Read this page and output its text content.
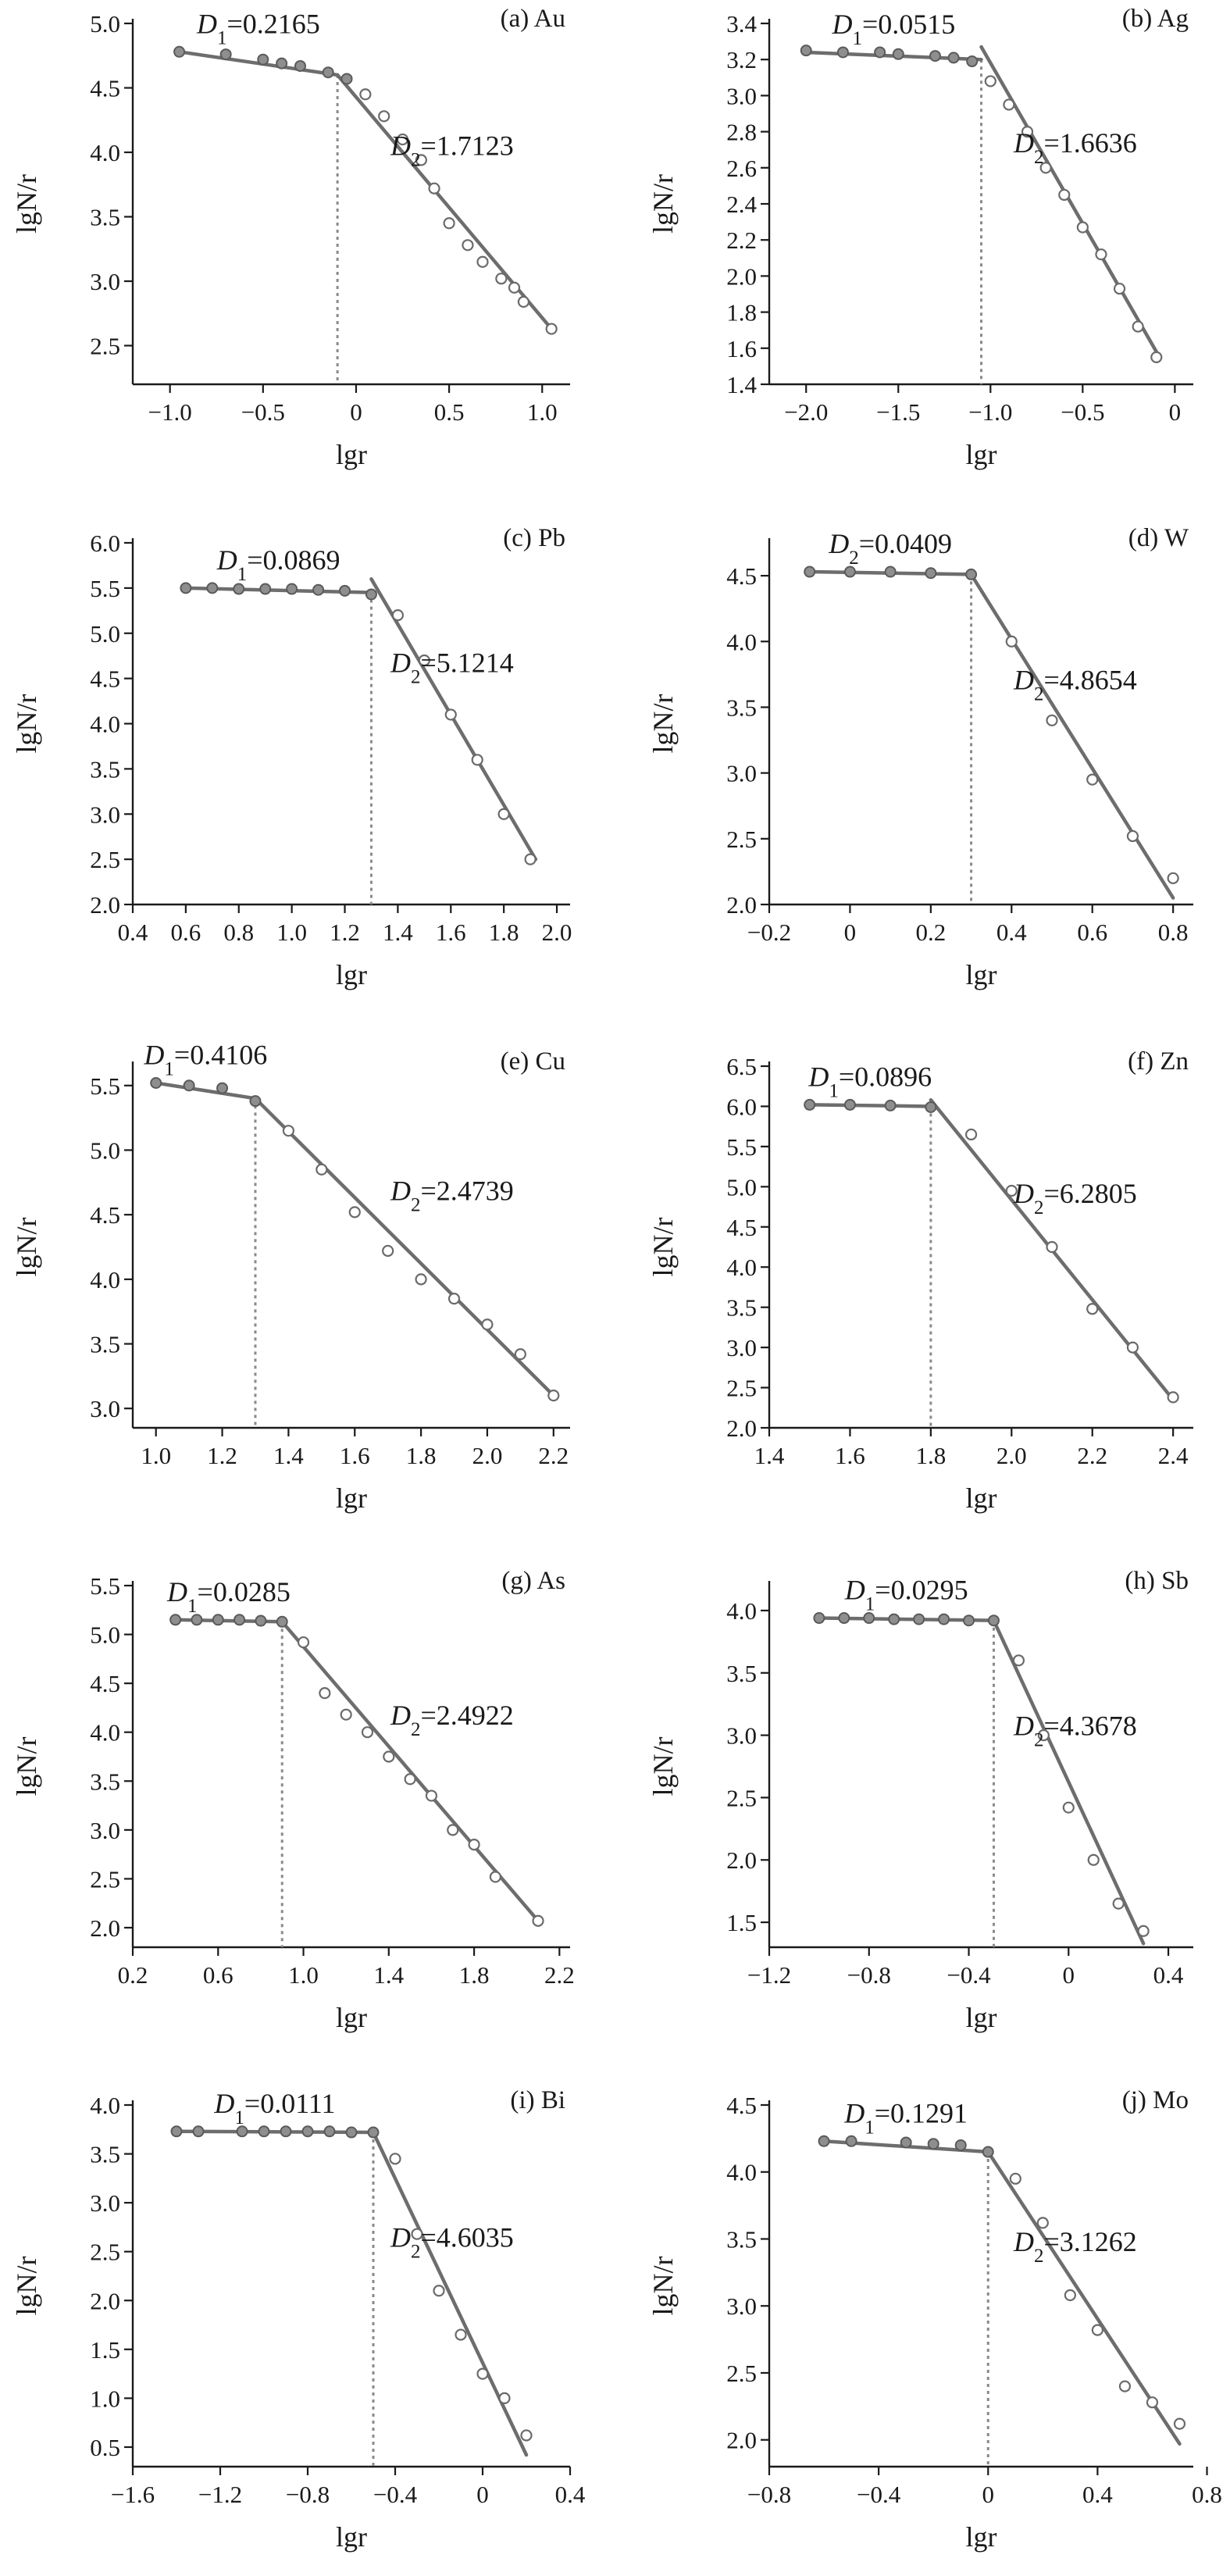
−1.0 −0.5	0	0.5	1.0
2.5
3.0
3.5
4.0
4.5
5.0
lgr
lgN/r
(a) Au
$D_1=0.2165$
$D_2=1.7123$
−2.0 −1.5 −1.0 −0.5	0
1.4
1.6
1.8
2.0
2.2
2.4
2.6
2.8
3.0
3.2
3.4
lgr
lgN/r
(b) Ag
$D_1=0.0515$
$D_2=1.6636$
0.4 0.6 0.8 1.0 1.2 1.4 1.6 1.8 2.0
2.0
2.5
3.0
3.5
4.0
4.5
5.0
5.5
6.0
lgr
lgN/r
(c) Pb
$D_1=0.0869$
$D_2=5.1214$
−0.2 0 0.2 0.4 0.6 0.8
2.0
2.5
3.0
3.5
4.0
4.5
lgr
lgN/r
(d) W
$D_2=0.0409$
$D_2=4.8654$
1.0 1.2 1.4 1.6 1.8 2.0 2.2
3.0
3.5
4.0
4.5
5.0
5.5
lgr
lgN/r
(e) Cu
$D_1=0.4106$
$D_2=2.4739$
1.4 1.6 1.8 2.0 2.2 2.4
2.0
2.5
3.0
3.5
4.0
4.5
5.0
5.5
6.0
6.5
lgr
lgN/r
(f) Zn
$D_1=0.0896$
$D_2=6.2805$
0.2 0.6 1.0 1.4 1.8 2.2
2.0
2.5
3.0
3.5
4.0
4.5
5.0
5.5
lgr
lgN/r
(g) As
$D_1=0.0285$
$D_2=2.4922$
−1.2 −0.8 −0.4	0	0.4
1.5
2.0
2.5
3.0
3.5
4.0
lgr
lgN/r
(h) Sb
$D_1=0.0295$
$D_2=4.3678$
−1.6 −1.2 −0.8 −0.4 0	0.4
0.5
1.0
1.5
2.0
2.5
3.0
3.5
4.0
lgr
lgN/r
(i) Bi
$D_1=0.0111$
$D_2=4.6035$
−0.8	−0.4	0	0.4	0.8
2.0
2.5
3.0
3.5
4.0
4.5
lgr
lgN/r
(j) Mo
$D_1=0.1291$
$D_2=3.1262$
